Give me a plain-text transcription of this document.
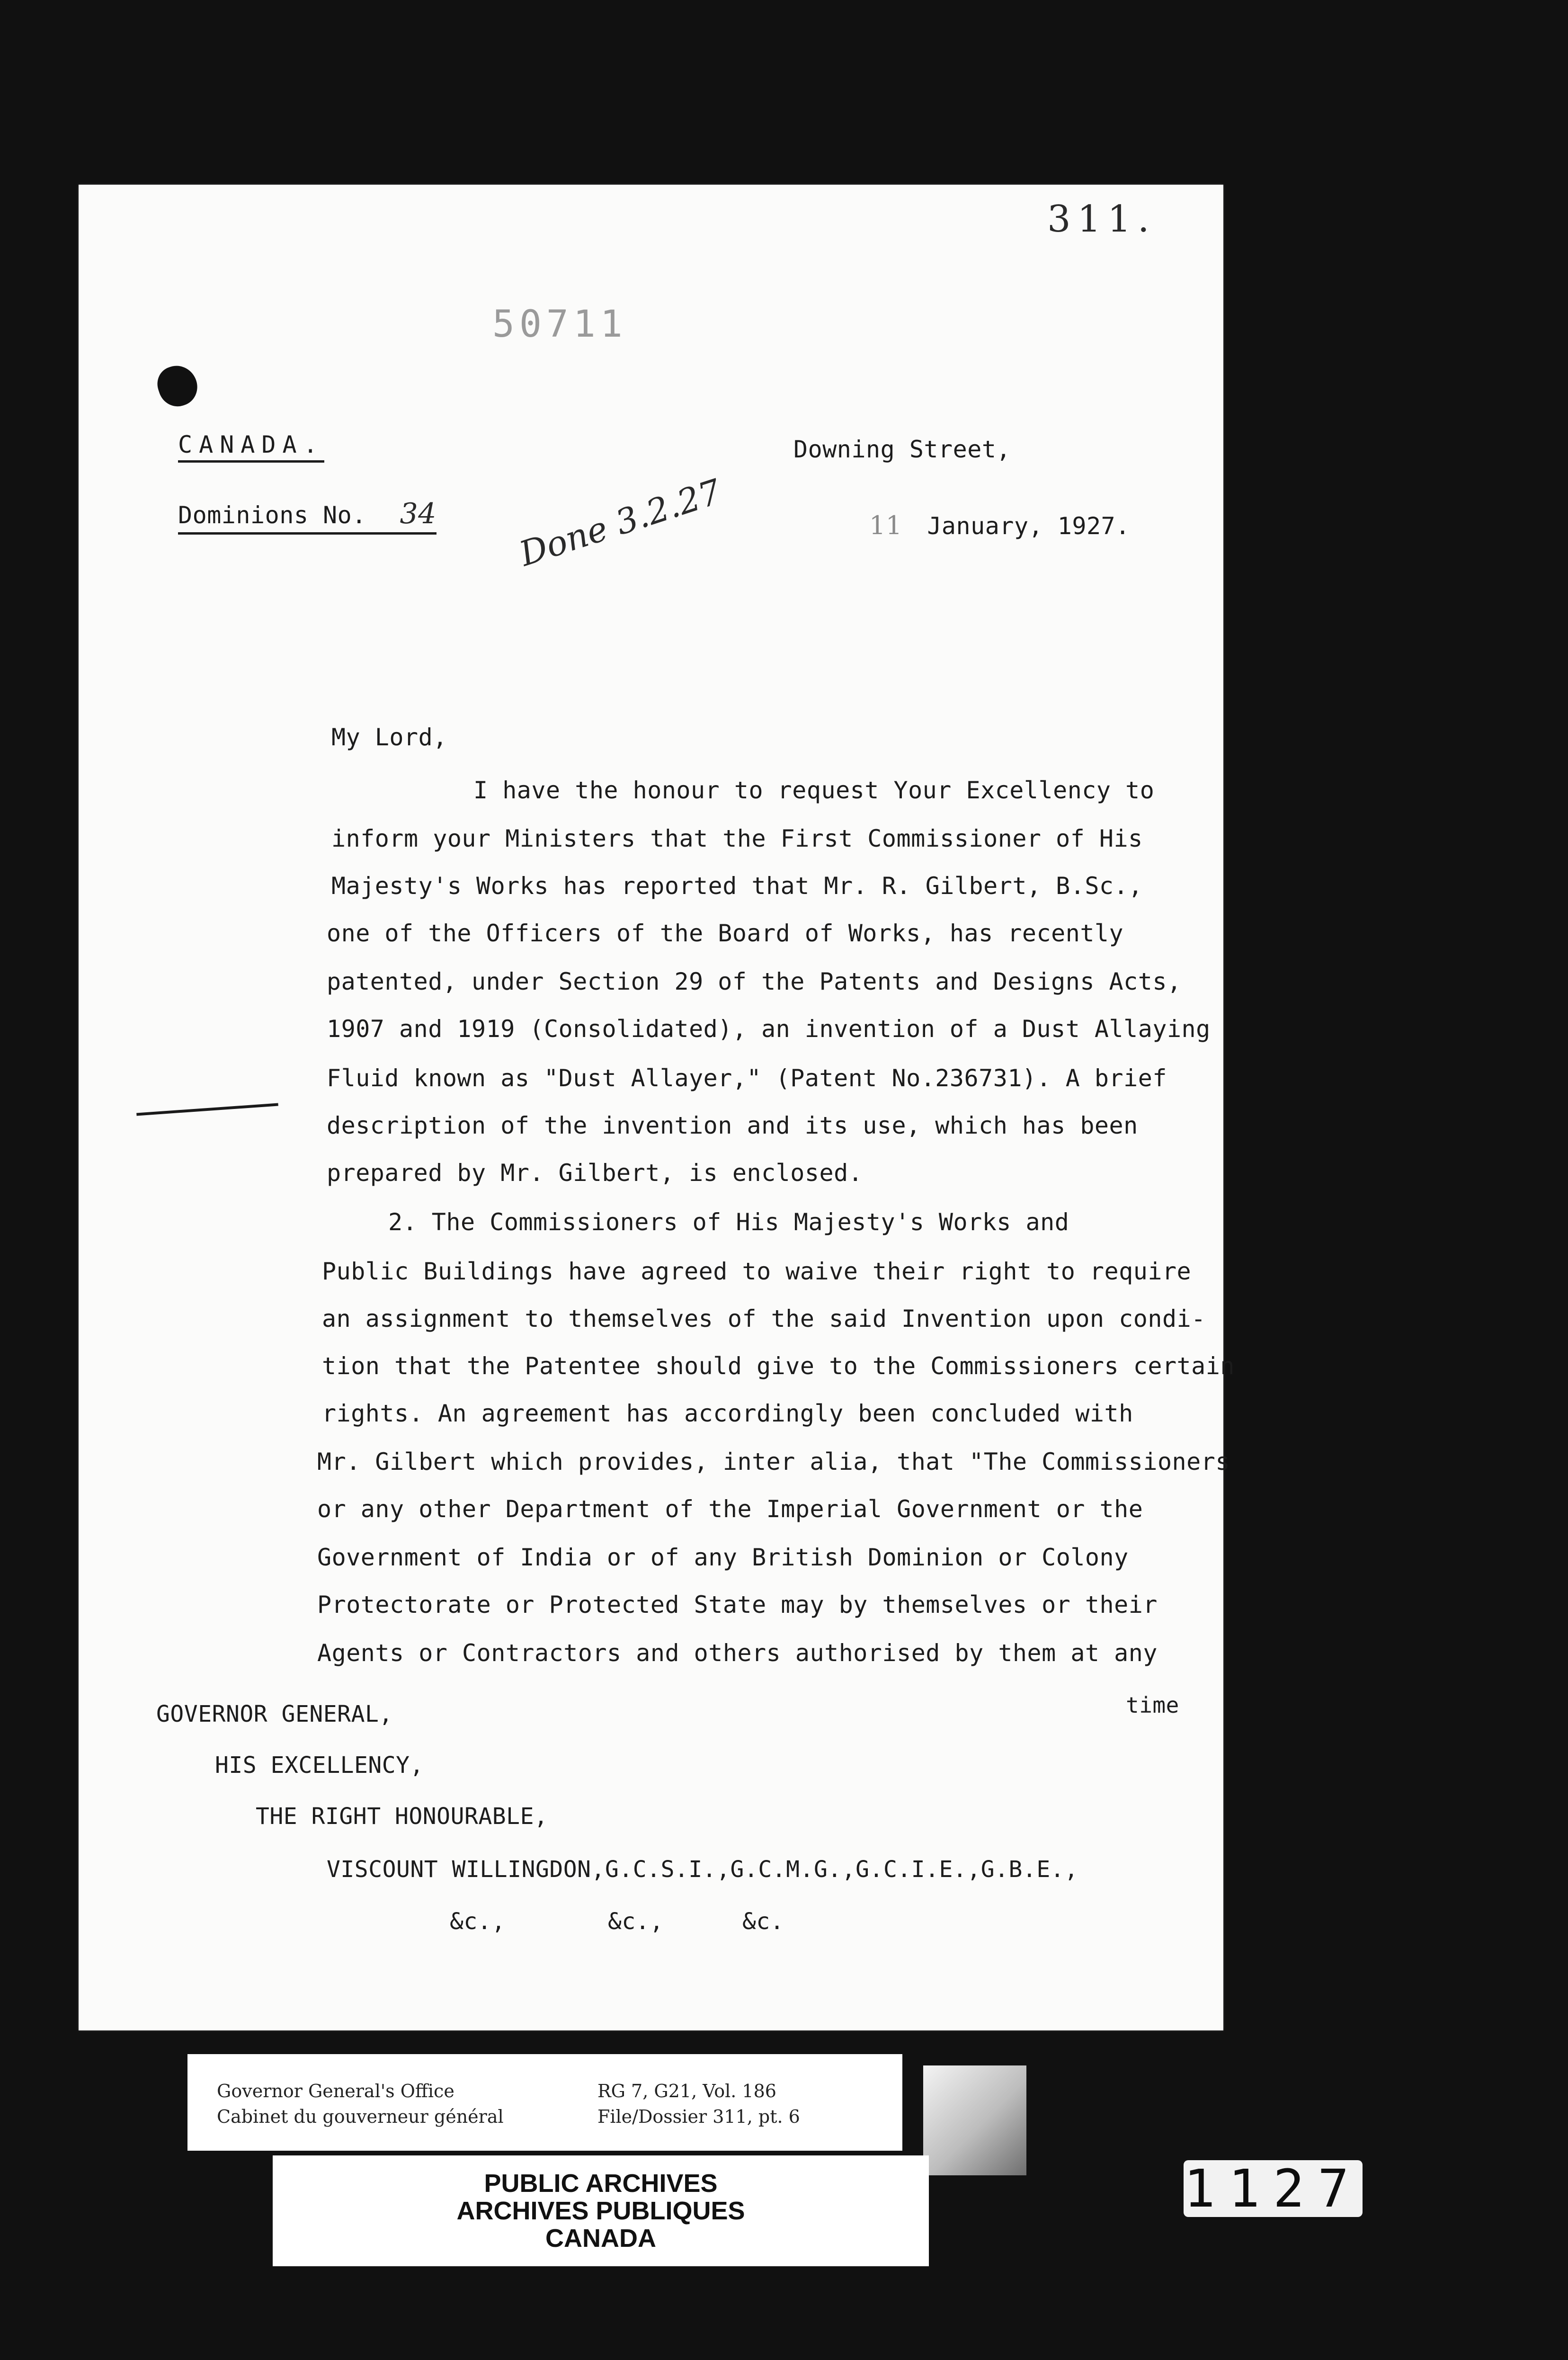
311.
50711
CANADA.
Dominions No. 34 Done 3.2.27
Downing Street,
11 January, 1927.
My Lord,
I have the honour to request Your Excellency to
inform your Ministers that the First Commissioner of His
Majesty's Works has reported that Mr. R. Gilbert, B.Sc.,
one of the Officers of the Board of Works, has recently
patented, under Section 29 of the Patents and Designs Acts,
1907 and 1919 (Consolidated), an invention of a Dust Allaying
Fluid known as "Dust Allayer," (Patent No.236731). A brief
description of the invention and its use, which has been
prepared by Mr. Gilbert, is enclosed.
2. The Commissioners of His Majesty's Works and
Public Buildings have agreed to waive their right to require
an assignment to themselves of the said Invention upon condi-
tion that the Patentee should give to the Commissioners certain
rights. An agreement has accordingly been concluded with
Mr. Gilbert which provides, inter alia, that "The Commissioners
or any other Department of the Imperial Government or the
Government of India or of any British Dominion or Colony
Protectorate or Protected State may by themselves or their
Agents or Contractors and others authorised by them at any
time
GOVERNOR GENERAL,
HIS EXCELLENCY,
THE RIGHT HONOURABLE,
VISCOUNT WILLINGDON,G.C.S.I.,G.C.M.G.,G.C.I.E.,G.B.E.,
&c.,	&c.,	&c.
Governor General's Office
Cabinet du gouverneur général
RG 7, G21, Vol. 186
File/Dossier 311, pt. 6
PUBLIC ARCHIVES
ARCHIVES PUBLIQUES
CANADA
1127
